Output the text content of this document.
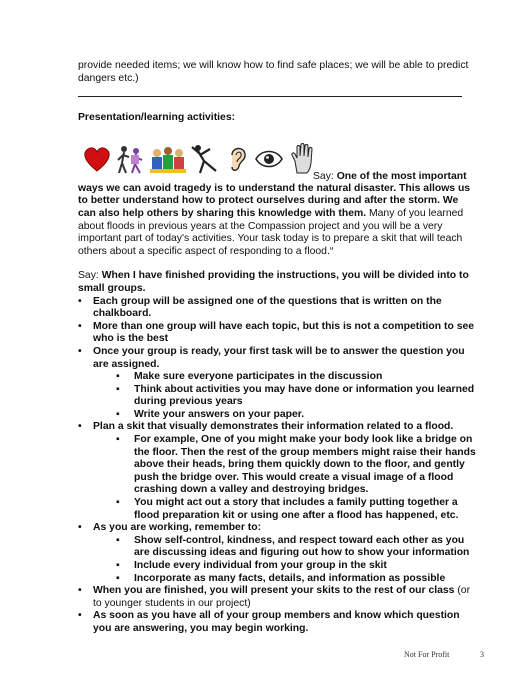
provide needed items; we will know how to find safe places; we will be able to predict dangers etc.)

Presentation/learning activities:

Say: One of the most important

ways we can avoid tragedy is to understand the natural disaster. This allows us to better understand how to protect ourselves during and after the storm. We can also help others by sharing this knowledge with them. Many of you learned about floods in previous years at the Compassion project and you will be a very important part of today's activities. Your task today is to prepare a skit that will teach others about a specific aspect of responding to a flood.“

Say: When I have finished providing the instructions, you will be divided into to small groups.

• Each group will be assigned one of the questions that is written on the chalkboard.
• More than one group will have each topic, but this is not a competition to see who is the best
• Once your group is ready, your first task will be to answer the question you are assigned.
▪ Make sure everyone participates in the discussion
▪ Think about activities you may have done or information you learned during previous years
▪ Write your answers on your paper.
• Plan a skit that visually demonstrates their information related to a flood.
▪ For example, One of you might make your body look like a bridge on the floor. Then the rest of the group members might raise their hands above their heads, bring them quickly down to the floor, and gently push the bridge over. This would create a visual image of a flood crashing down a valley and destroying bridges.
▪ You might act out a story that includes a family putting together a flood preparation kit or using one after a flood has happened, etc.
• As you are working, remember to:
▪ Show self-control, kindness, and respect toward each other as you are discussing ideas and figuring out how to show your information
▪ Include every individual from your group in the skit
▪ Incorporate as many facts, details, and information as possible
• When you are finished, you will present your skits to the rest of our class (or to younger students in our project)
• As soon as you have all of your group members and know which question you are answering, you may begin working.
Not For Profit	3
